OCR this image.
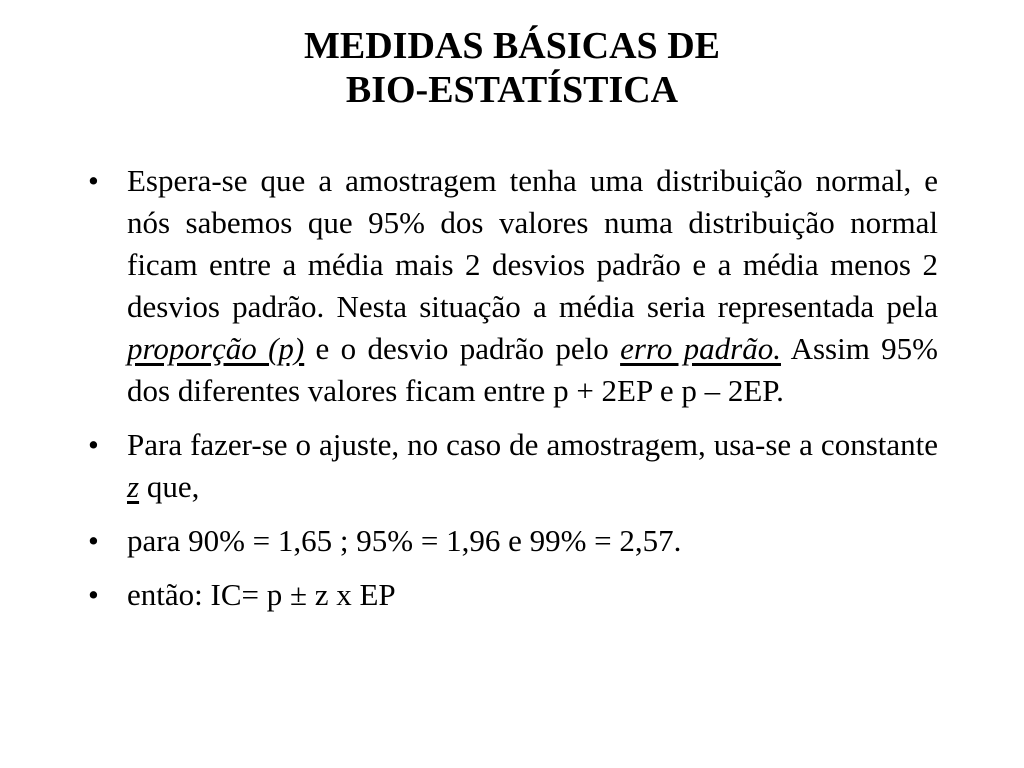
MEDIDAS BÁSICAS DE
BIO-ESTATÍSTICA
• Espera-se que a amostragem tenha uma distribuição normal, e nós sabemos que 95% dos valores numa distribuição normal ficam entre a média mais 2 desvios padrão e a média menos 2 desvios padrão. Nesta situação a média seria representada pela proporção (p) e o desvio padrão pelo erro padrão. Assim 95% dos diferentes valores ficam entre p + 2EP e p – 2EP.
• Para fazer-se o ajuste, no caso de amostragem, usa-se a constante z que,
• para 90% = 1,65 ; 95% = 1,96 e 99% = 2,57.
• então: IC= p ± z x EP
